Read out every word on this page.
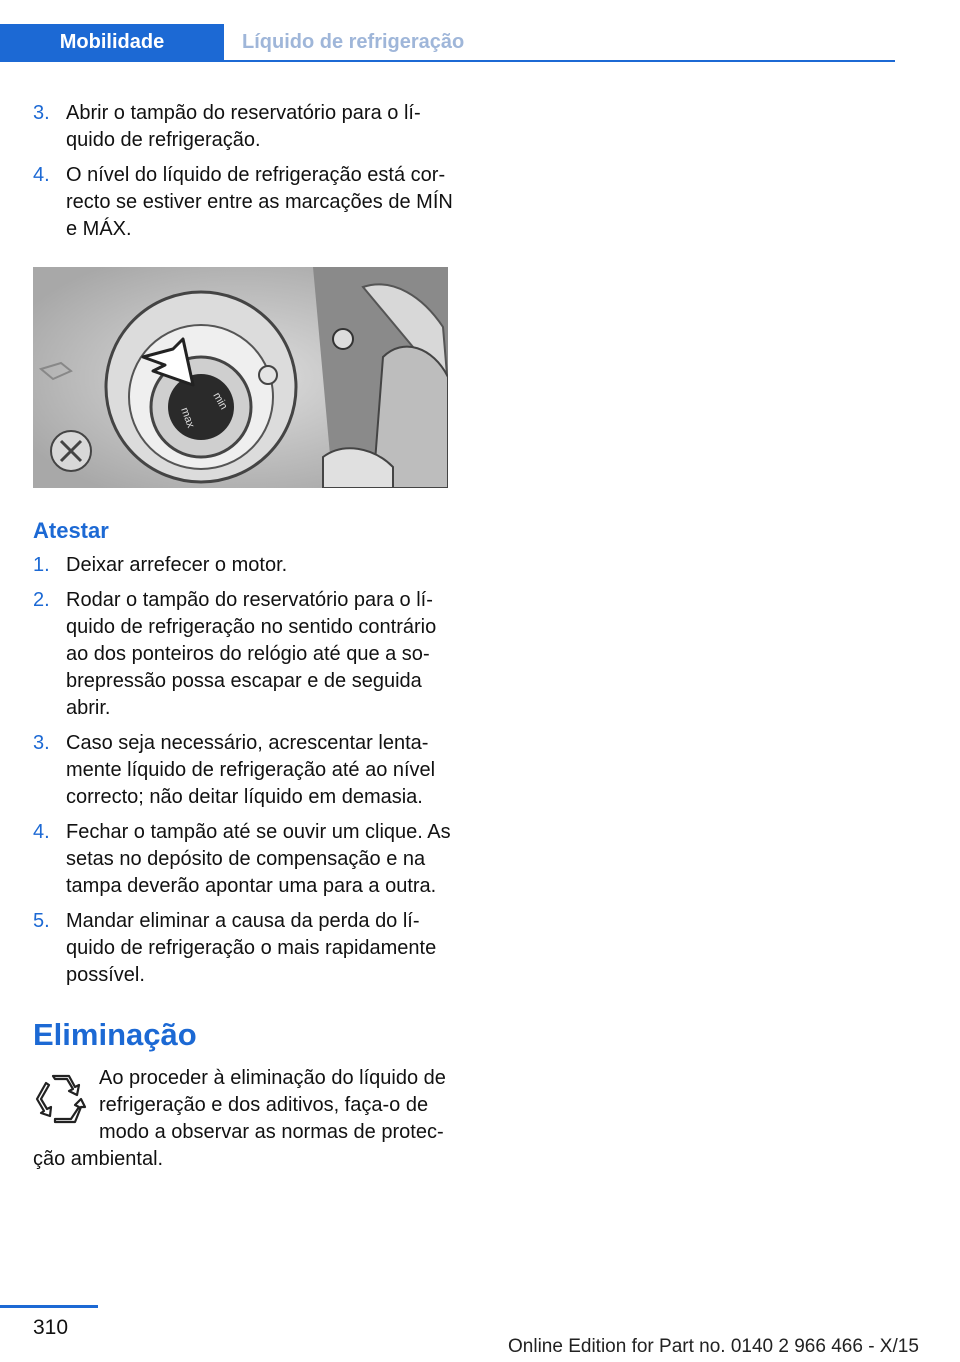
Mobilidade	Líquido de refrigeração
3. Abrir o tampão do reservatório para o líquido de refrigeração.
4. O nível do líquido de refrigeração está correcto se estiver entre as marcações de MÍN e MÁX.
min
max
Atestar
1. Deixar arrefecer o motor.
2. Rodar o tampão do reservatório para o líquido de refrigeração no sentido contrário ao dos ponteiros do relógio até que a sobrepressão possa escapar e de seguida abrir.
3. Caso seja necessário, acrescentar lentamente líquido de refrigeração até ao nível correcto; não deitar líquido em demasia.
4. Fechar o tampão até se ouvir um clique. As setas no depósito de compensação e na tampa deverão apontar uma para a outra.
5. Mandar eliminar a causa da perda do líquido de refrigeração o mais rapidamente possível.
Eliminação
Ao proceder à eliminação do líquido de refrigeração e dos aditivos, faça-o de modo a observar as normas de protecção ambiental.
310
Online Edition for Part no. 0140 2 966 466 - X/15
